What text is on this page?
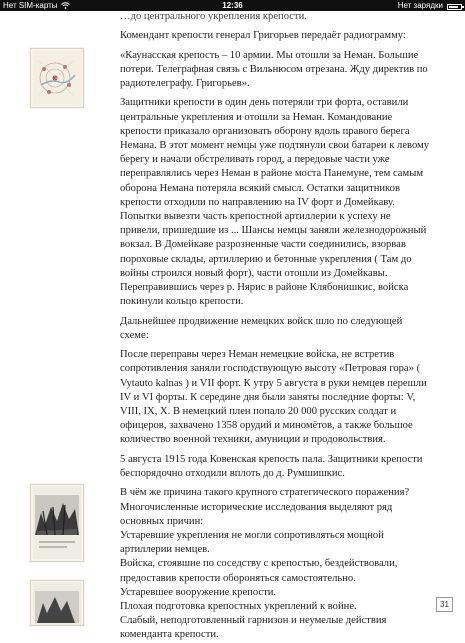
Нет SIM-карты	12:36	Нет зарядки

…до центрального укрепления крепости.

Комендант крепости генерал Григорьев передаёт радиограмму:

«Каунасская крепость – 10 армии. Мы отошли за Неман. Большие потери. Телеграфная связь с Вильнюсом отрезана. Жду директив по радиотелеграфу. Григорьев».

Защитники крепости в один день потеряли три форта, оставили центральные укрепления и отошли за Неман. Командование крепости приказало организовать оборону вдоль правого берега Немана. В этот момент немцы уже подтянули свои батареи к левому берегу и начали обстреливать город, а передовые части уже переправлялись через Неман в районе моста Панемуне, тем самым оборона Немана потеряла всякий смысл. Остатки защитников крепости отходили по направлению на IV форт и Домейкаву. Попытки вывезти часть крепостной артиллерии к успеху не привели, пришедшие из ... Шансы немцы заняли железнодорожный вокзал. В Домейкаве разрозненные части соединились, взорвав пороховые склады, артиллерию и бетонные укрепления ( Там до войны строился новый форт), части отошли из Домейкавы. Переправившись через р. Нярис в районе Клябонишкис, войска покинули кольцо крепости.

Дальнейшее продвижение немецких войск шло по следующей схеме:

После переправы через Неман немецкие войска, не встретив сопротивления заняли господствующую высоту «Петровая гора» ( Vytauto kalnas ) и VII форт. К утру 5 августа в руки немцев перешли IV и VI форты. К середине дня были заняты последние форты: V, VIII, IX, X. В немецкий плен попало 20 000 русских солдат и офицеров, захвачено 1358 орудий и миномётов, а также большое количество военной техники, амуниции и продовольствия.

5 августа 1915 года Ковенская крепость пала. Защитники крепости беспорядочно отходили вплоть до д. Румшишкис.

В чём же причина такого крупного стратегического поражения? Многочисленные исторические исследования выделяют ряд основных причин:

Устаревшие укрепления не могли сопротивляться мощной артиллерии немцев.

Войска, стоявшие по соседству с крепостью, бездействовали, предоставив крепости обороняться самостоятельно.

Устаревшее вооружение крепости.

Плохая подготовка крепостных укреплений к войне.

Слабый, неподготовленный гарнизон и неумелые действия коменданта крепости.

31
